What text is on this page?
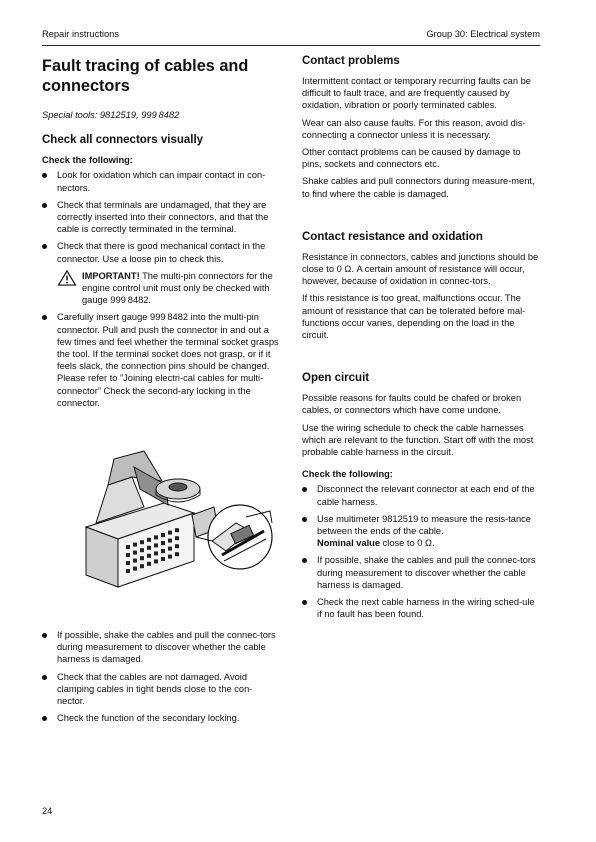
Repair instructions	Group 30: Electrical system
Fault tracing of cables and connectors
Special tools: 9812519, 999 8482
Check all connectors visually
Check the following:
Look for oxidation which can impair contact in con-nectors.
Check that terminals are undamaged, that they are correctly inserted into their connectors, and that the cable is correctly terminated in the terminal.
Check that there is good mechanical contact in the connector. Use a loose pin to check this.
IMPORTANT! The multi-pin connectors for the engine control unit must only be checked with gauge 999 8482.
Carefully insert gauge 999 8482 into the multi-pin connector. Pull and push the connector in and out a few times and feel whether the terminal socket grasps the tool. If the terminal socket does not grasp, or if it feels slack, the connection pins should be changed. Please refer to ”Joining electri-cal cables for multi-connector” Check the second-ary locking in the connector.
If possible, shake the cables and pull the connec-tors during measurement to discover whether the cable harness is damaged.
Check that the cables are not damaged. Avoid clamping cables in tight bends close to the con-nector.
Check the function of the secondary locking.
Contact problems

Intermittent contact or temporary recurring faults can be difficult to fault trace, and are frequently caused by oxidation, vibration or poorly terminated cables.

Wear can also cause faults. For this reason, avoid dis-connecting a connector unless it is necessary.

Other contact problems can be caused by damage to pins, sockets and connectors etc.

Shake cables and pull connectors during measure-ment, to find where the cable is damaged.

Contact resistance and oxidation

Resistance in connectors, cables and junctions should be close to 0 Ω. A certain amount of resistance will occur, however, because of oxidation in connec-tors.

If this resistance is too great, malfunctions occur. The amount of resistance that can be tolerated before mal-functions occur varies, depending on the load in the circuit.

Open circuit

Possible reasons for faults could be chafed or broken cables, or connectors which have come undone.

Use the wiring schedule to check the cable harnesses which are relevant to the function. Start off with the most probable cable harness in the circuit.

Check the following:
Disconnect the relevant connector at each end of the cable harness.
Use multimeter 9812519 to measure the resis-tance between the ends of the cable.
Nominal value close to 0 Ω.
If possible, shake the cables and pull the connec-tors during measurement to discover whether the cable harness is damaged.
Check the next cable harness in the wiring sched-ule if no fault has been found.
24
